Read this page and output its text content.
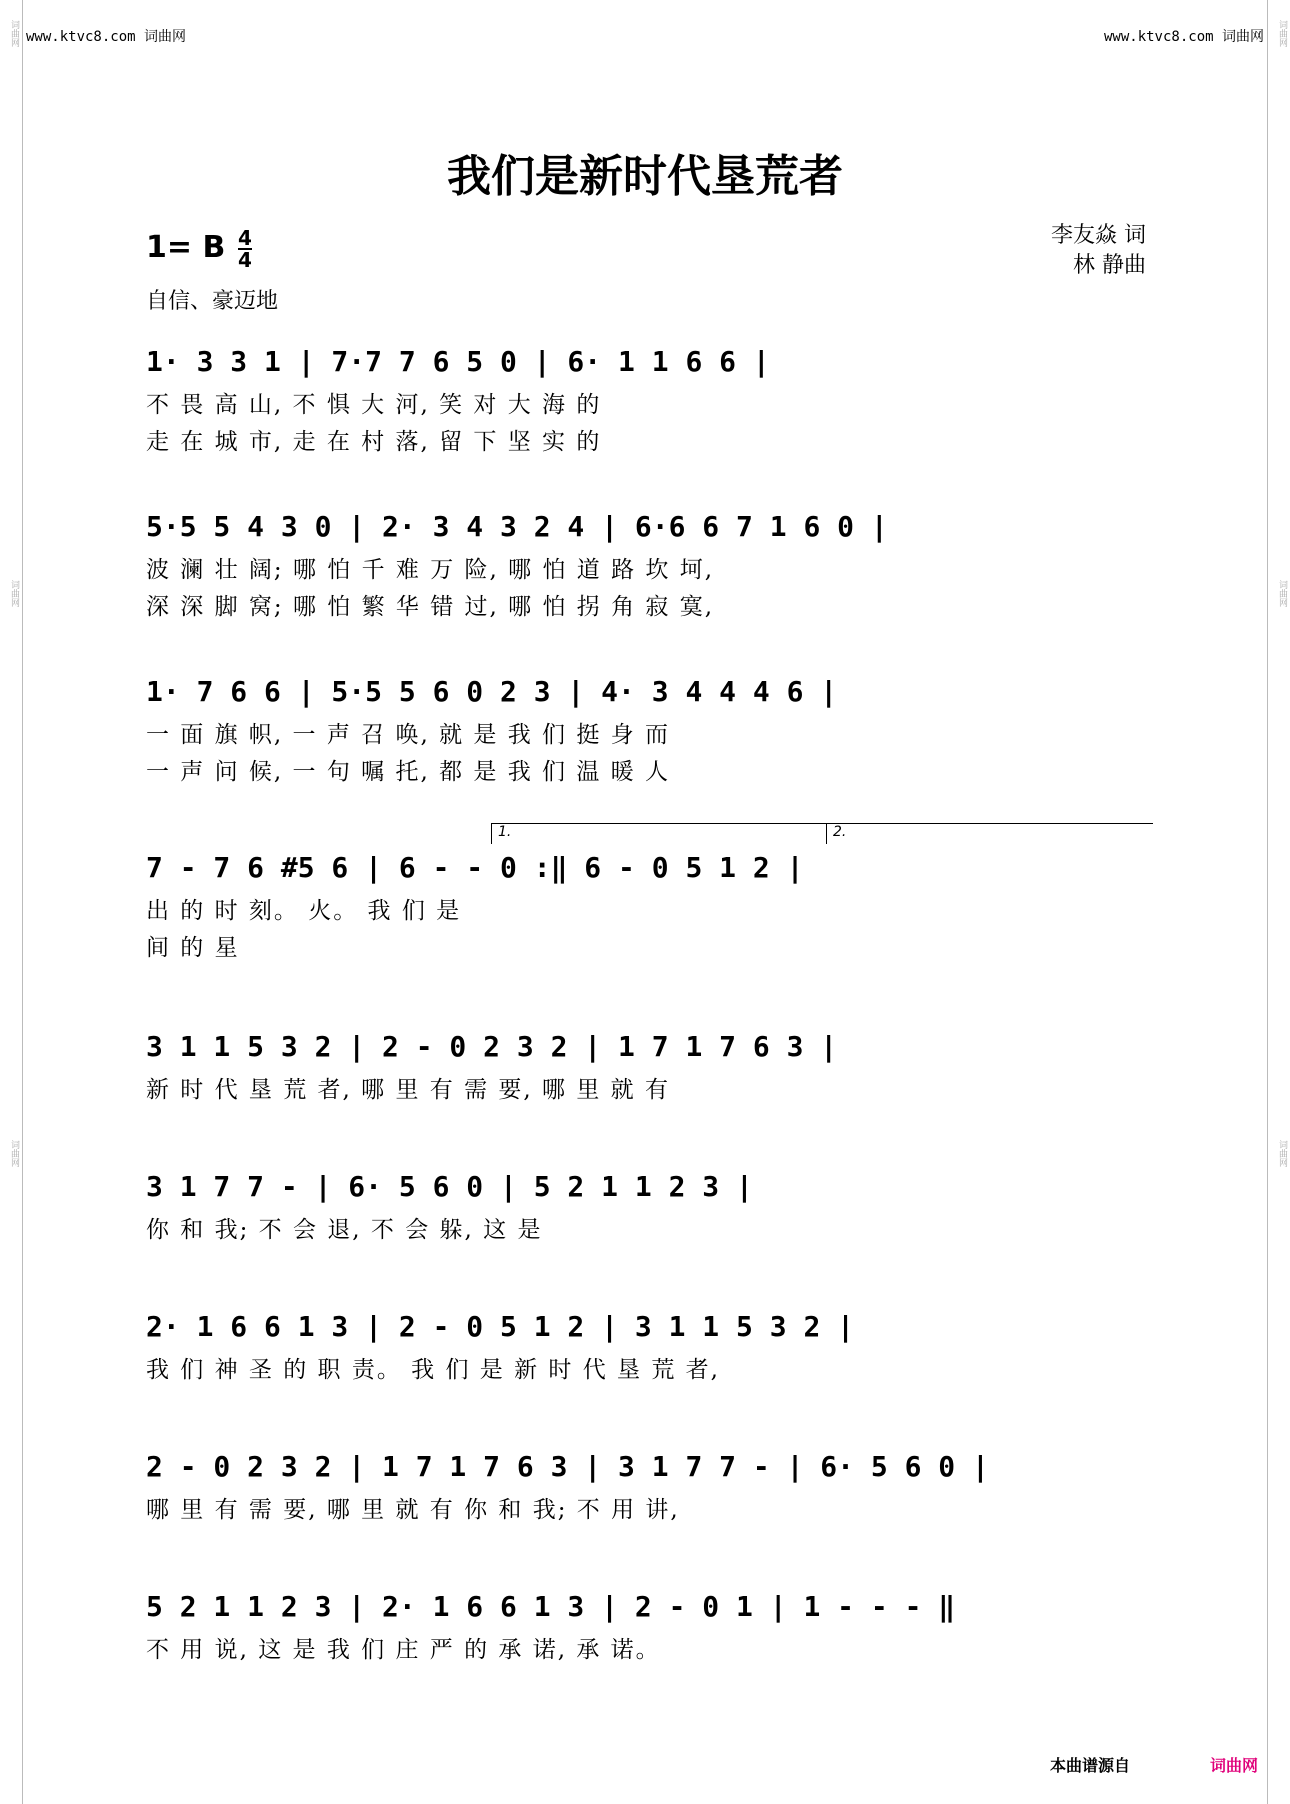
词曲网
词曲网
词曲网
词曲网
词曲网
词曲网
www.ktvc8.com 词曲网	www.ktvc8.com 词曲网
我们是新时代垦荒者
1= B $\frac{4}{4}$
自信、豪迈地
李友焱 词
林 静曲
1· 3 3 1 | 7·7 7 6 5 0 | 6· 1 1 6 6 |
不 畏 高 山, 不 惧 大 河, 笑 对 大 海 的
走 在 城 市, 走 在 村 落, 留 下 坚 实 的
5·5 5 4 3 0 | 2· 3 4 3 2 4 | 6·6 6 7 1 6 0 |
波 澜 壮 阔; 哪 怕 千 难 万 险, 哪 怕 道 路 坎 坷,
深 深 脚 窝; 哪 怕 繁 华 错 过, 哪 怕 拐 角 寂 寞,
1· 7 6 6 | 5·5 5 6 0 2 3 | 4· 3 4 4 4 6 |
一 面 旗 帜, 一 声 召 唤, 就 是 我 们 挺 身 而
一 声 问 候, 一 句 嘱 托, 都 是 我 们 温 暖 人
1.	2.
7 - 7 6 #5 6 | 6 - - 0 :‖ 6 - 0 5 1 2 |
出 的 时 刻。 火。 我 们 是
间 的 星
3 1 1 5 3 2 | 2 - 0 2 3 2 | 1 7 1 7 6 3 |
新 时 代 垦 荒 者, 哪 里 有 需 要, 哪 里 就 有
3 1 7 7 - | 6· 5 6 0 | 5 2 1 1 2 3 |
你 和 我; 不 会 退, 不 会 躲, 这 是
2· 1 6 6 1 3 | 2 - 0 5 1 2 | 3 1 1 5 3 2 |
我 们 神 圣 的 职 责。 我 们 是 新 时 代 垦 荒 者,
2 - 0 2 3 2 | 1 7 1 7 6 3 | 3 1 7 7 - | 6· 5 6 0 |
哪 里 有 需 要, 哪 里 就 有 你 和 我; 不 用 讲,
5 2 1 1 2 3 | 2· 1 6 6 1 3 | 2 - 0 1 | 1 - - - ‖
不 用 说, 这 是 我 们 庄 严 的 承 诺, 承 诺。
本曲谱源自	词曲网
